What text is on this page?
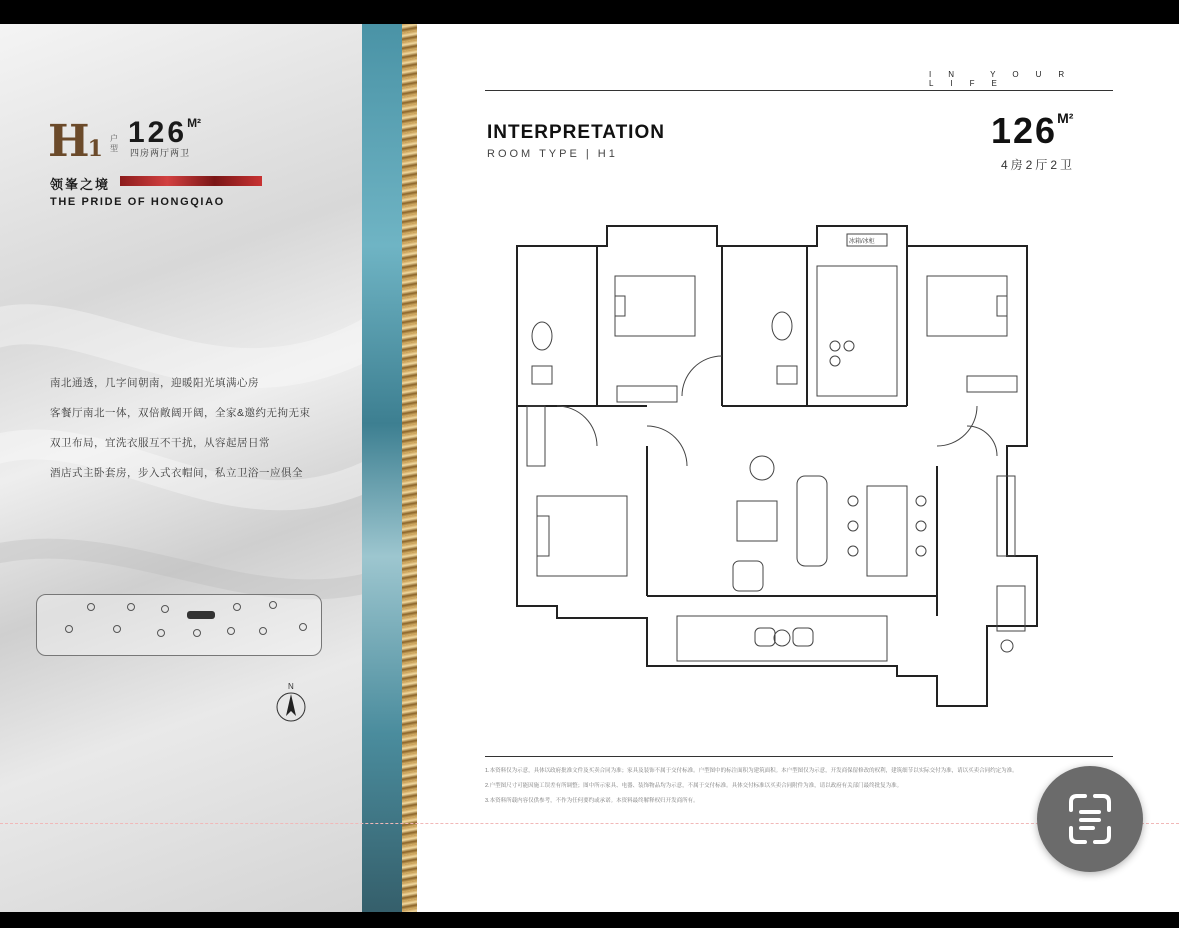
H1 户型 $126^{M^2}$
四房两厅两卫
领峯之境
THE PRIDE OF HONGQIAO

南北通透，几字间朝南，迎暖阳光填满心房

客餐厅南北一体，双倍敞阔开阔，全家&邀约无拘无束

双卫布局，宜洗衣服互不干扰，从容起居日常

酒店式主卧套房，步入式衣帽间，私立卫浴一应俱全

N
IN YOUR LIFE
INTERPRETATION
ROOM TYPE | H1
$126^{M^2}$
4房2厅2卫
冰箱/冰柜

1.本资料仅为示意，具体以政府批准文件及买卖合同为准；家具及装饰不属于交付标准。户型图中的标注面积为建筑面积。本户型图仅为示意，开发商保留修改的权利，建筑细节以实际交付为准，请以买卖合同约定为准。

2.户型图尺寸可能因施工误差有所调整；图中所示家具、电器、装饰物品均为示意，不属于交付标准。具体交付标准以买卖合同附件为准，请以政府有关部门最终批复为准。

3.本资料所载内容仅供参考，不作为任何要约或承诺。本资料最终解释权归开发商所有。
